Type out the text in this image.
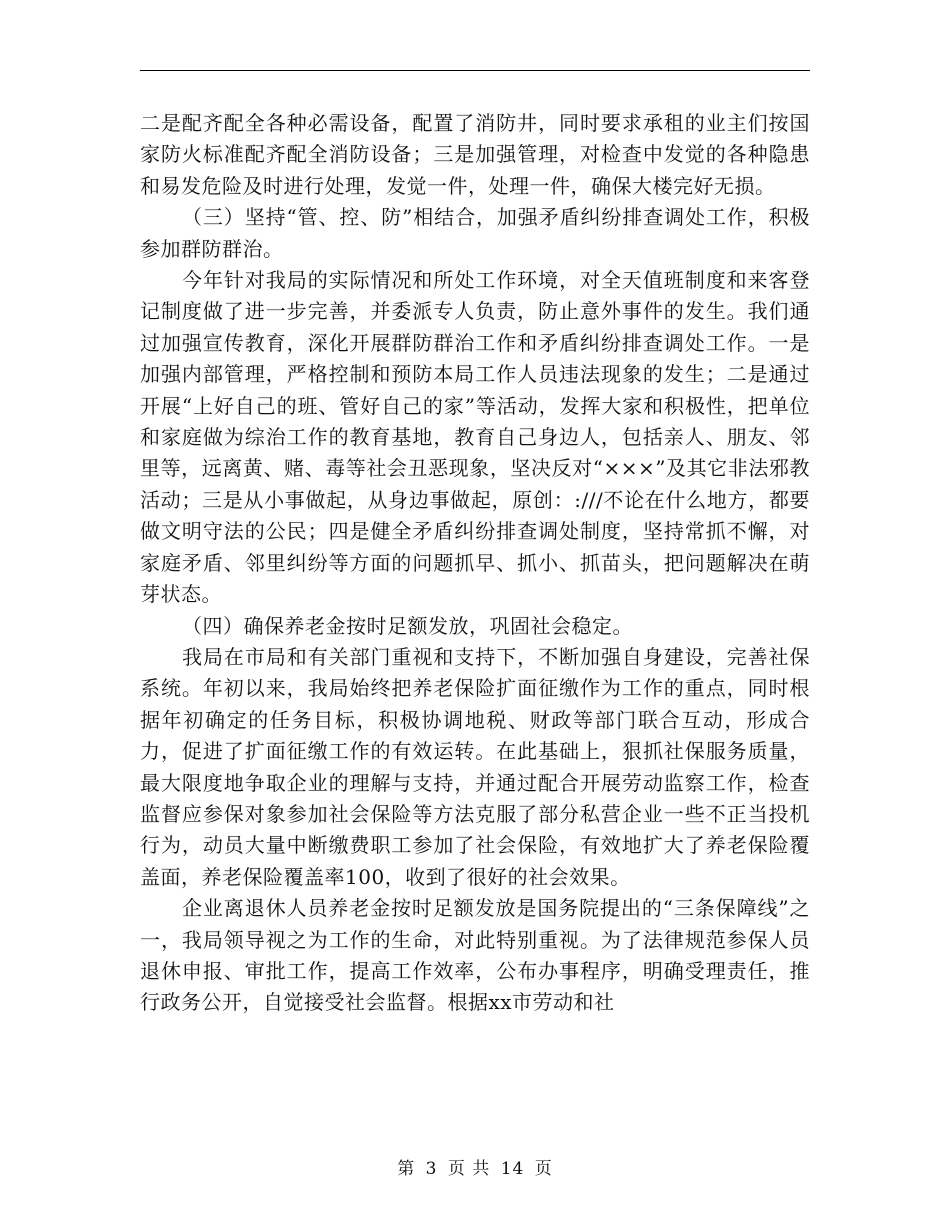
二是配齐配全各种必需设备，配置了消防井，同时要求承租的业主们按国家防火标准配齐配全消防设备；三是加强管理，对检查中发觉的各种隐患和易发危险及时进行处理，发觉一件，处理一件，确保大楼完好无损。

（三）坚持“管、控、防”相结合，加强矛盾纠纷排查调处工作，积极参加群防群治。

今年针对我局的实际情况和所处工作环境，对全天值班制度和来客登记制度做了进一步完善，并委派专人负责，防止意外事件的发生。我们通过加强宣传教育，深化开展群防群治工作和矛盾纠纷排查调处工作。一是加强内部管理，严格控制和预防本局工作人员违法现象的发生；二是通过开展“上好自己的班、管好自己的家”等活动，发挥大家和积极性，把单位和家庭做为综治工作的教育基地，教育自己身边人，包括亲人、朋友、邻里等，远离黄、赌、毒等社会丑恶现象，坚决反对“×××”及其它非法邪教活动；三是从小事做起，从身边事做起，原创：:///不论在什么地方，都要做文明守法的公民；四是健全矛盾纠纷排查调处制度，坚持常抓不懈，对家庭矛盾、邻里纠纷等方面的问题抓早、抓小、抓苗头，把问题解决在萌芽状态。

（四）确保养老金按时足额发放，巩固社会稳定。

我局在市局和有关部门重视和支持下，不断加强自身建设，完善社保系统。年初以来，我局始终把养老保险扩面征缴作为工作的重点，同时根据年初确定的任务目标，积极协调地税、财政等部门联合互动，形成合力，促进了扩面征缴工作的有效运转。在此基础上，狠抓社保服务质量，最大限度地争取企业的理解与支持，并通过配合开展劳动监察工作，检查监督应参保对象参加社会保险等方法克服了部分私营企业一些不正当投机行为，动员大量中断缴费职工参加了社会保险，有效地扩大了养老保险覆盖面，养老保险覆盖率100，收到了很好的社会效果。

企业离退休人员养老金按时足额发放是国务院提出的“三条保障线”之一，我局领导视之为工作的生命，对此特别重视。为了法律规范参保人员退休申报、审批工作，提高工作效率，公布办事程序，明确受理责任，推行政务公开，自觉接受社会监督。根据xx市劳动和社

第 3 页 共 14 页
